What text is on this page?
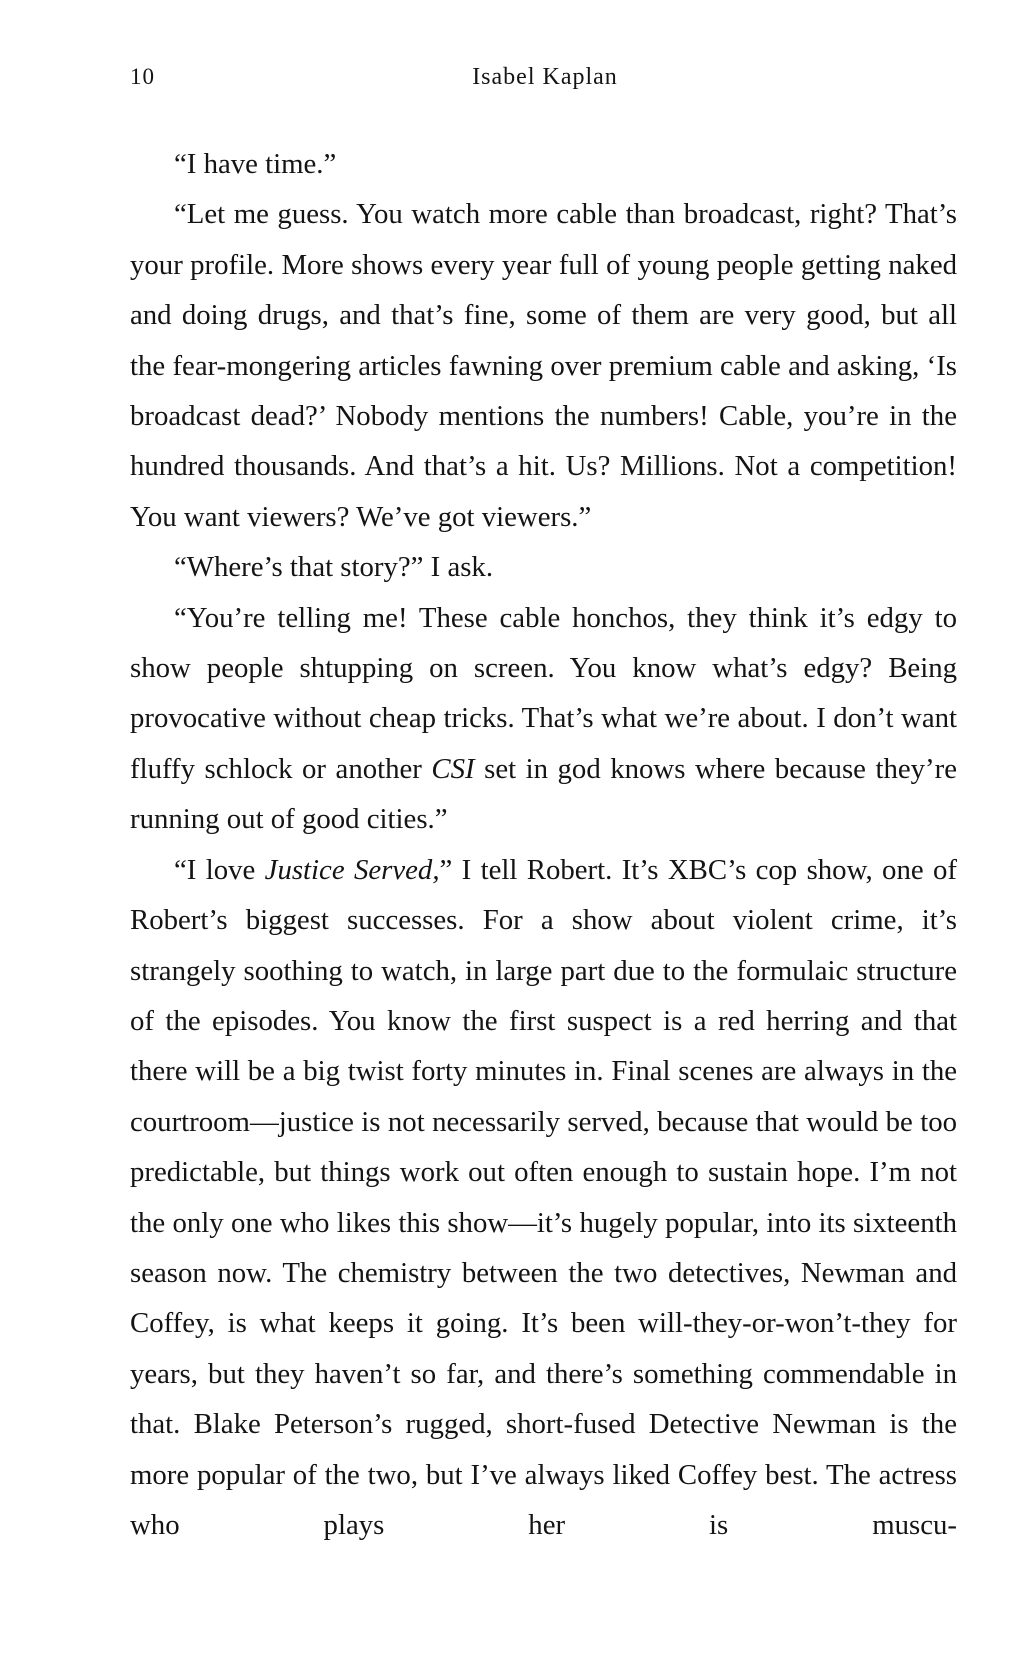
10	Isabel Kaplan

“I have time.”

“Let me guess. You watch more cable than broadcast, right? That’s your profile. More shows every year full of young people getting naked and doing drugs, and that’s fine, some of them are very good, but all the fear-mongering articles fawning over premium cable and asking, ‘Is broadcast dead?’ Nobody mentions the numbers! Cable, you’re in the hundred thousands. And that’s a hit. Us? Millions. Not a competition! You want viewers? We’ve got viewers.”

“Where’s that story?” I ask.

“You’re telling me! These cable honchos, they think it’s edgy to show people shtupping on screen. You know what’s edgy? Being provocative without cheap tricks. That’s what we’re about. I don’t want fluffy schlock or another CSI set in god knows where because they’re running out of good cities.”

“I love Justice Served,” I tell Robert. It’s XBC’s cop show, one of Robert’s biggest successes. For a show about violent crime, it’s strangely soothing to watch, in large part due to the formulaic structure of the episodes. You know the first suspect is a red herring and that there will be a big twist forty minutes in. Final scenes are always in the courtroom—justice is not necessarily served, because that would be too predictable, but things work out often enough to sustain hope. I’m not the only one who likes this show—it’s hugely popular, into its sixteenth season now. The chemistry between the two detectives, Newman and Coffey, is what keeps it going. It’s been will-they-or-won’t-they for years, but they haven’t so far, and there’s something commendable in that. Blake Peterson’s rugged, short-fused Detective Newman is the more popular of the two, but I’ve always liked Coffey best. The actress who plays her is muscu-
